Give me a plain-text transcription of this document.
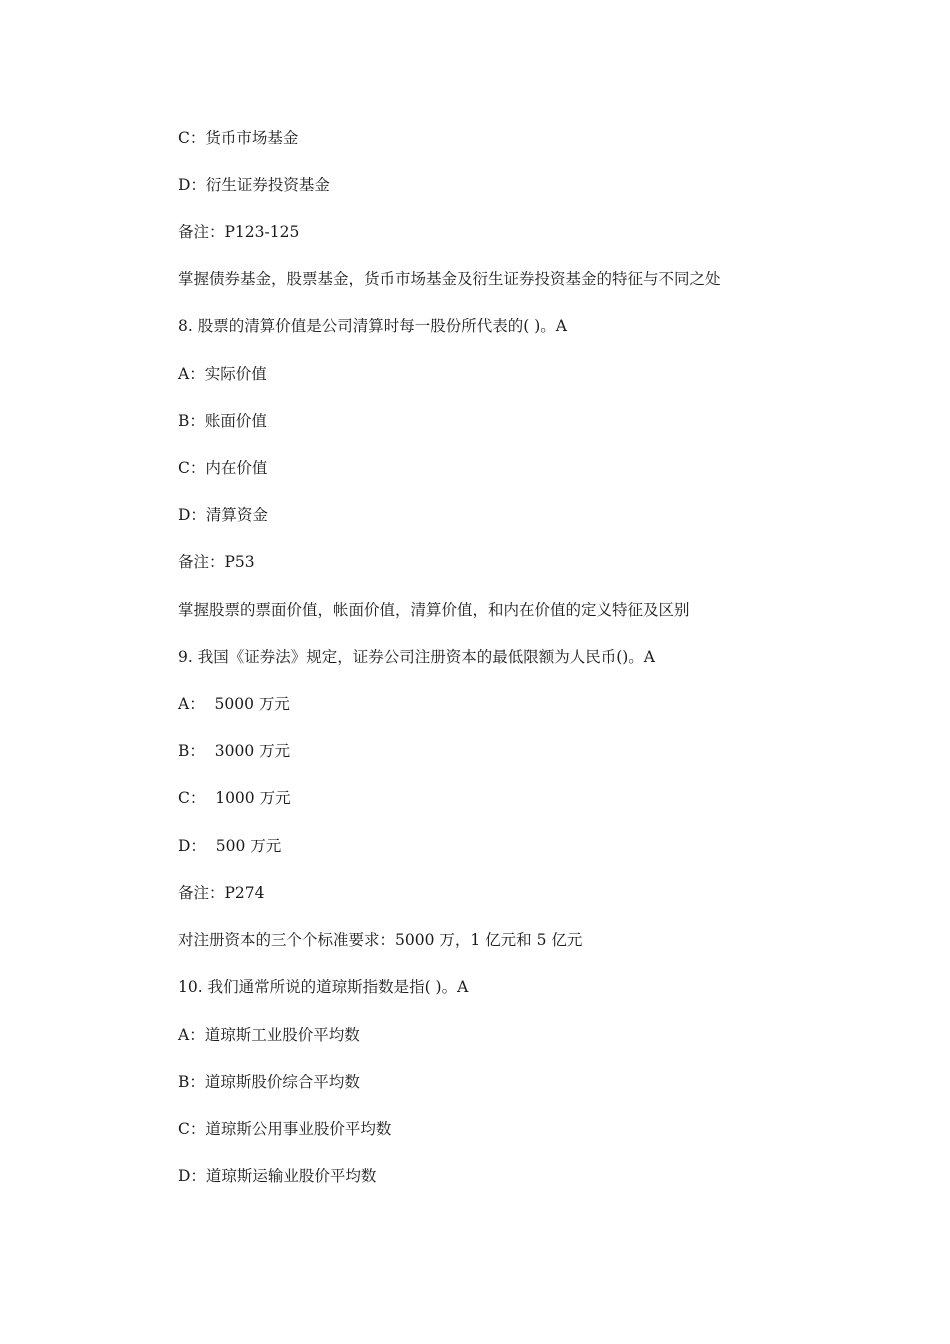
C：货币市场基金
D：衍生证券投资基金
备注：P123-125
掌握债券基金，股票基金，货币市场基金及衍生证券投资基金的特征与不同之处
8. 股票的清算价值是公司清算时每一股份所代表的( )。A
A：实际价值
B：账面价值
C：内在价值
D：清算资金
备注：P53
掌握股票的票面价值，帐面价值，清算价值，和内在价值的定义特征及区别
9. 我国《证券法》规定，证券公司注册资本的最低限额为人民币()。A
A：  5000 万元
B：  3000 万元
C：  1000 万元
D：  500 万元
备注：P274
对注册资本的三个个标准要求：5000 万，1 亿元和 5 亿元
10. 我们通常所说的道琼斯指数是指( )。A
A：道琼斯工业股价平均数
B：道琼斯股价综合平均数
C：道琼斯公用事业股价平均数
D：道琼斯运输业股价平均数
